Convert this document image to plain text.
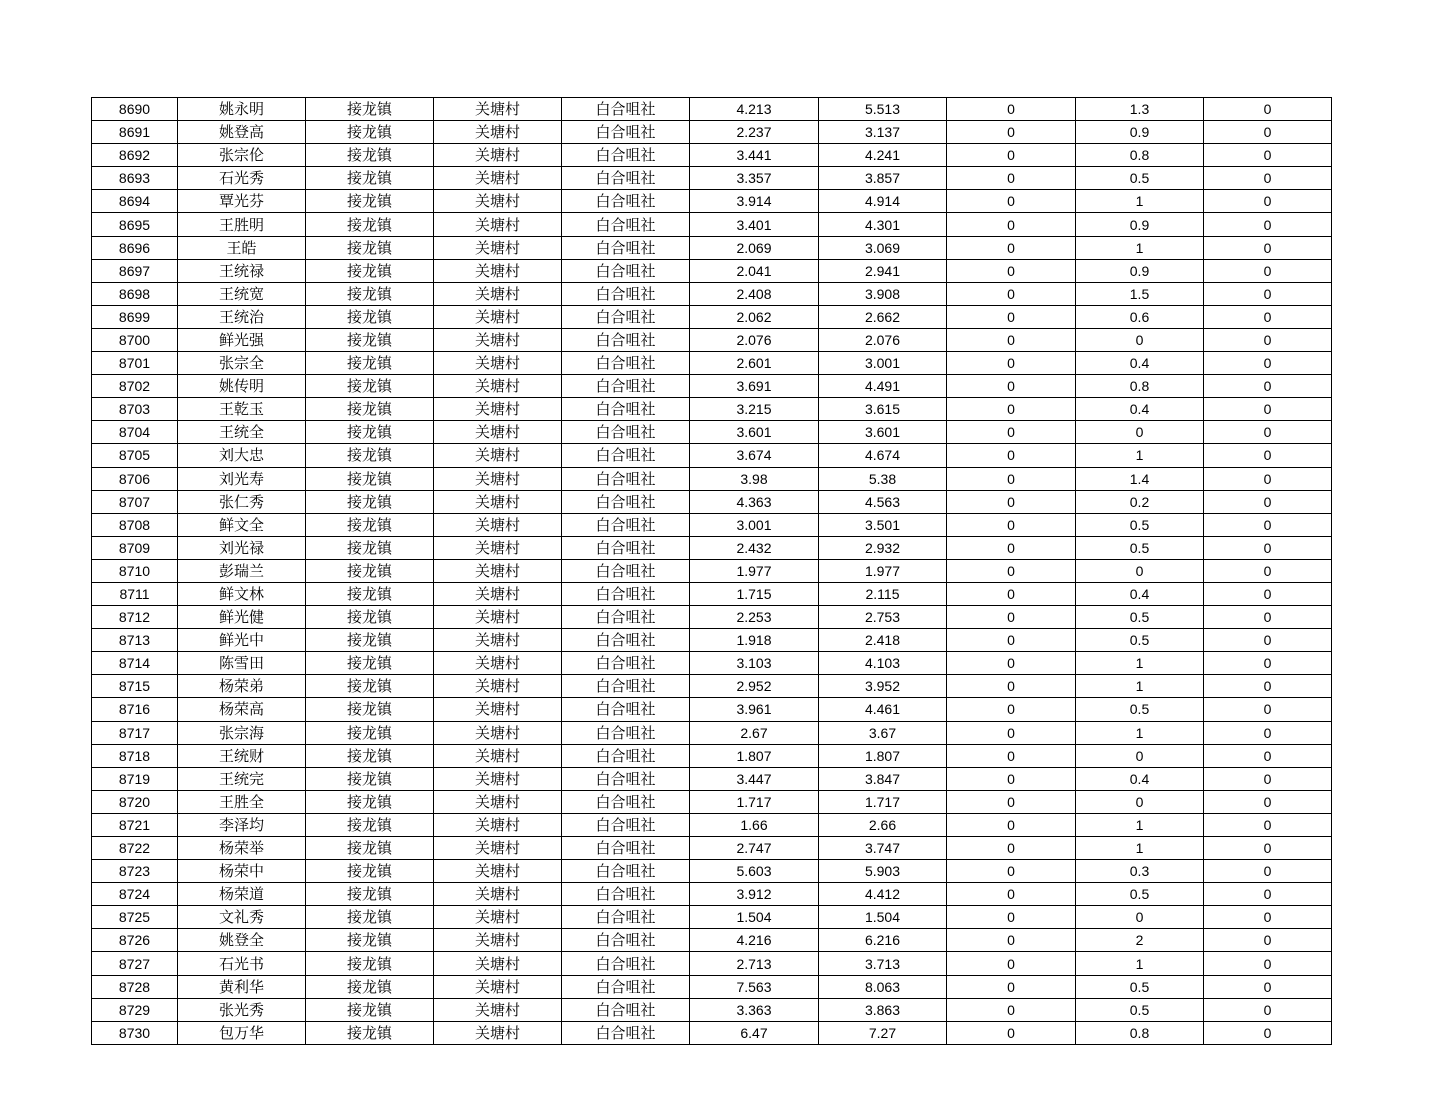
8690	姚永明	接龙镇	关塘村	白合咀社	4.213	5.513	0	1.3	0
8691	姚登高	接龙镇	关塘村	白合咀社	2.237	3.137	0	0.9	0
8692	张宗伦	接龙镇	关塘村	白合咀社	3.441	4.241	0	0.8	0
8693	石光秀	接龙镇	关塘村	白合咀社	3.357	3.857	0	0.5	0
8694	覃光芬	接龙镇	关塘村	白合咀社	3.914	4.914	0	1	0
8695	王胜明	接龙镇	关塘村	白合咀社	3.401	4.301	0	0.9	0
8696	王皓	接龙镇	关塘村	白合咀社	2.069	3.069	0	1	0
8697	王统禄	接龙镇	关塘村	白合咀社	2.041	2.941	0	0.9	0
8698	王统宽	接龙镇	关塘村	白合咀社	2.408	3.908	0	1.5	0
8699	王统治	接龙镇	关塘村	白合咀社	2.062	2.662	0	0.6	0
8700	鲜光强	接龙镇	关塘村	白合咀社	2.076	2.076	0	0	0
8701	张宗全	接龙镇	关塘村	白合咀社	2.601	3.001	0	0.4	0
8702	姚传明	接龙镇	关塘村	白合咀社	3.691	4.491	0	0.8	0
8703	王乾玉	接龙镇	关塘村	白合咀社	3.215	3.615	0	0.4	0
8704	王统全	接龙镇	关塘村	白合咀社	3.601	3.601	0	0	0
8705	刘大忠	接龙镇	关塘村	白合咀社	3.674	4.674	0	1	0
8706	刘光寿	接龙镇	关塘村	白合咀社	3.98	5.38	0	1.4	0
8707	张仁秀	接龙镇	关塘村	白合咀社	4.363	4.563	0	0.2	0
8708	鲜文全	接龙镇	关塘村	白合咀社	3.001	3.501	0	0.5	0
8709	刘光禄	接龙镇	关塘村	白合咀社	2.432	2.932	0	0.5	0
8710	彭瑞兰	接龙镇	关塘村	白合咀社	1.977	1.977	0	0	0
8711	鲜文林	接龙镇	关塘村	白合咀社	1.715	2.115	0	0.4	0
8712	鲜光健	接龙镇	关塘村	白合咀社	2.253	2.753	0	0.5	0
8713	鲜光中	接龙镇	关塘村	白合咀社	1.918	2.418	0	0.5	0
8714	陈雪田	接龙镇	关塘村	白合咀社	3.103	4.103	0	1	0
8715	杨荣弟	接龙镇	关塘村	白合咀社	2.952	3.952	0	1	0
8716	杨荣高	接龙镇	关塘村	白合咀社	3.961	4.461	0	0.5	0
8717	张宗海	接龙镇	关塘村	白合咀社	2.67	3.67	0	1	0
8718	王统财	接龙镇	关塘村	白合咀社	1.807	1.807	0	0	0
8719	王统完	接龙镇	关塘村	白合咀社	3.447	3.847	0	0.4	0
8720	王胜全	接龙镇	关塘村	白合咀社	1.717	1.717	0	0	0
8721	李泽均	接龙镇	关塘村	白合咀社	1.66	2.66	0	1	0
8722	杨荣举	接龙镇	关塘村	白合咀社	2.747	3.747	0	1	0
8723	杨荣中	接龙镇	关塘村	白合咀社	5.603	5.903	0	0.3	0
8724	杨荣道	接龙镇	关塘村	白合咀社	3.912	4.412	0	0.5	0
8725	文礼秀	接龙镇	关塘村	白合咀社	1.504	1.504	0	0	0
8726	姚登全	接龙镇	关塘村	白合咀社	4.216	6.216	0	2	0
8727	石光书	接龙镇	关塘村	白合咀社	2.713	3.713	0	1	0
8728	黄利华	接龙镇	关塘村	白合咀社	7.563	8.063	0	0.5	0
8729	张光秀	接龙镇	关塘村	白合咀社	3.363	3.863	0	0.5	0
8730	包万华	接龙镇	关塘村	白合咀社	6.47	7.27	0	0.8	0
